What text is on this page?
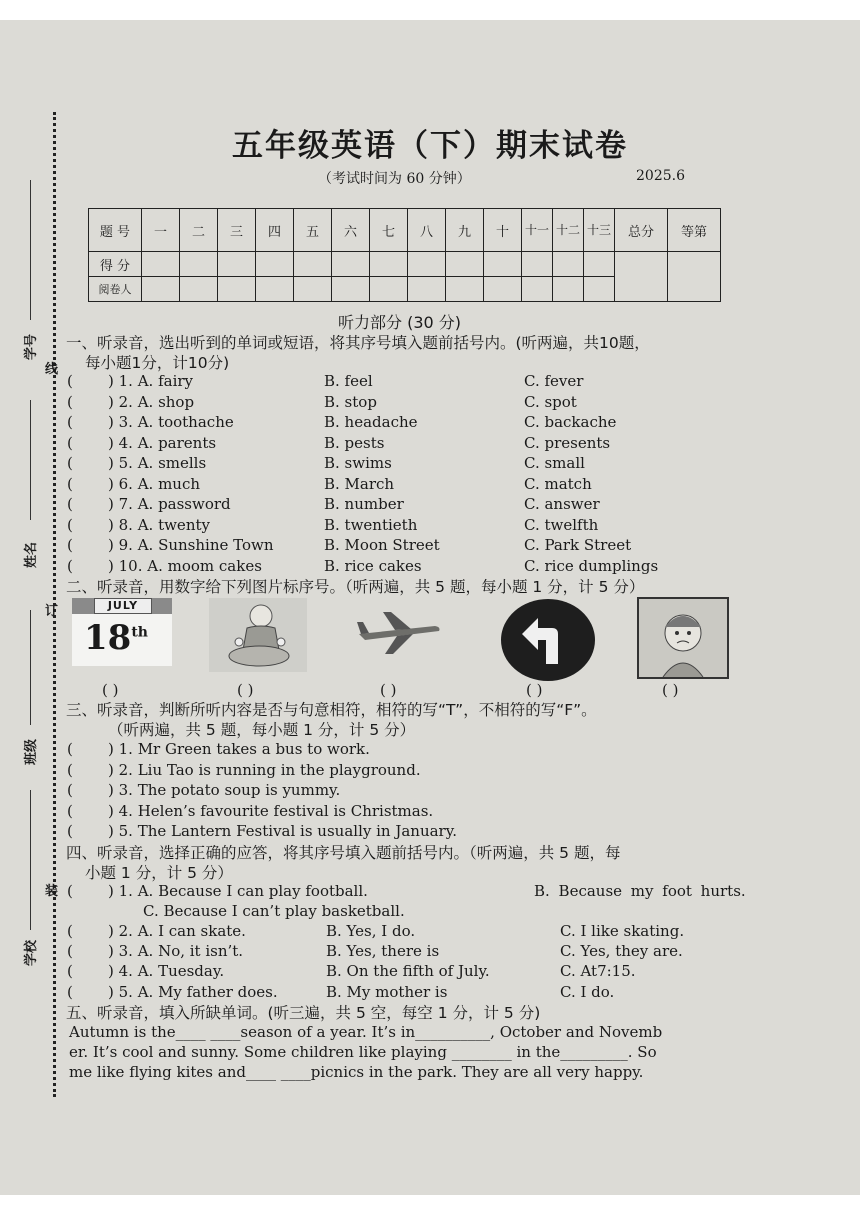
线
订
装
学号
姓名
班级
学校
五年级英语（下）期末试卷
（考试时间为 60 分钟）	2025.6
题 号	一	二	三	四	五	六	七	八	九	十	十一	十二	十三	总分	等第
得 分															
阅卷人															
听力部分 (30 分)
一、听录音，选出听到的单词或短语，将其序号填入题前括号内。(听两遍，共10题，
每小题1分，计10分)
( ) 1. A. fairy	B. feel	C. fever
( ) 2. A. shop	B. stop	C. spot
( ) 3. A. toothache	B. headache	C. backache
( ) 4. A. parents	B. pests	C. presents
( ) 5. A. smells	B. swims	C. small
( ) 6. A. much	B. March	C. match
( ) 7. A. password	B. number	C. answer
( ) 8. A. twenty	B. twentieth	C. twelfth
( ) 9. A. Sunshine Town	B. Moon Street	C. Park Street
( ) 10. A. moom cakes	B. rice cakes	C. rice dumplings
二、听录音，用数字给下列图片标序号。（听两遍，共 5 题，每小题 1 分，计 5 分）
JULY
18th
( )	( )	( )	( )	( )
三、听录音，判断所听内容是否与句意相符，相符的写“T”，不相符的写“F”。
（听两遍，共 5 题，每小题 1 分，计 5 分）
( ) 1. Mr Green takes a bus to work.
( ) 2. Liu Tao is running in the playground.
( ) 3. The potato soup is yummy.
( ) 4. Helen’s favourite festival is Christmas.
( ) 5. The Lantern Festival is usually in January.
四、听录音，选择正确的应答，将其序号填入题前括号内。（听两遍，共 5 题，每
小题 1 分，计 5 分）
( ) 1. A. Because I can play football.	B. Because my foot hurts.
C. Because I can’t play basketball.
( ) 2. A. I can skate.	B. Yes, I do.	C. I like skating.
( ) 3. A. No, it isn’t.	B. Yes, there is	C. Yes, they are.
( ) 4. A. Tuesday.	B. On the fifth of July.	C. At7:15.
( ) 5. A. My father does.	B. My mother is	C. I do.
五、听录音，填入所缺单词。(听三遍，共 5 空，每空 1 分，计 5 分)
Autumn is the____ ____season of a year. It’s in__________, October and Novemb
er. It’s cool and sunny. Some children like playing ________ in the_________. So
me like flying kites and____ ____picnics in the park. They are all very happy.
